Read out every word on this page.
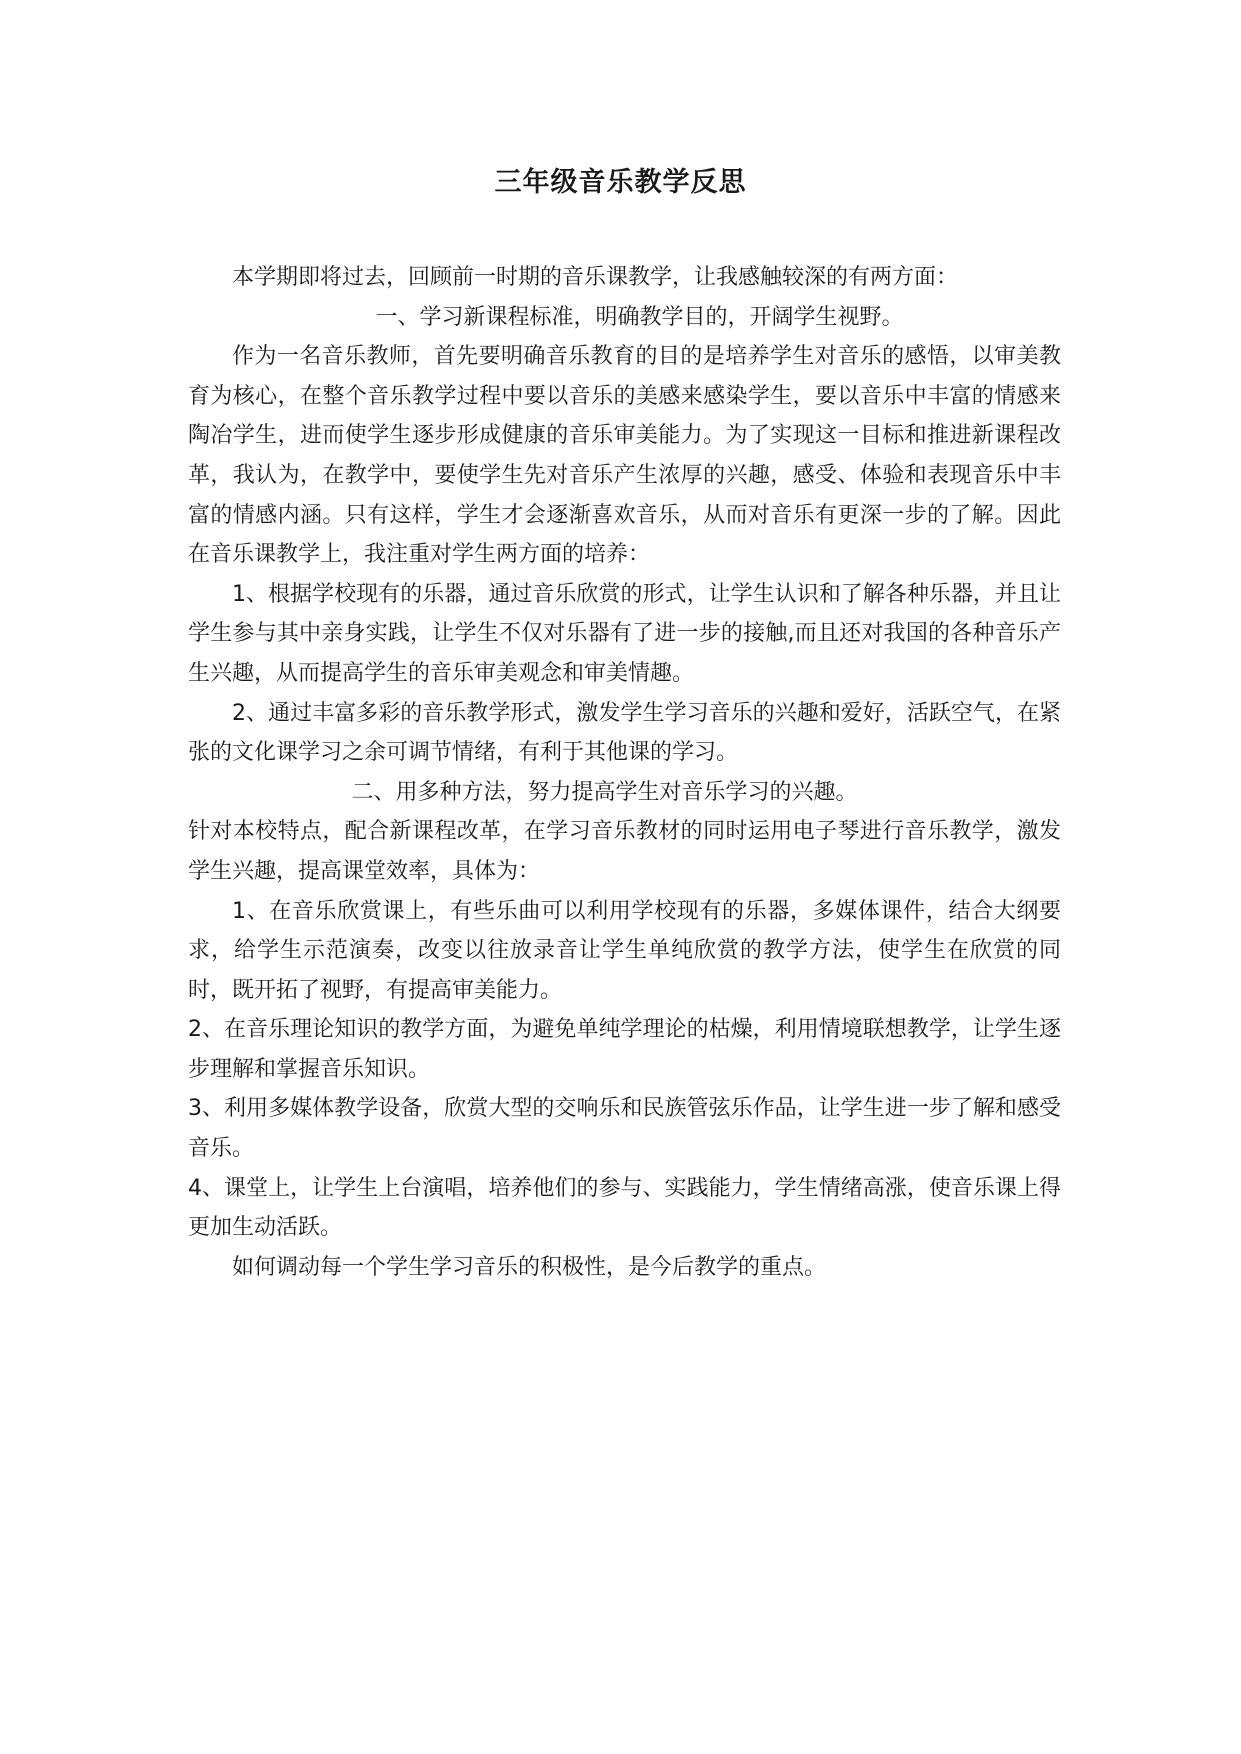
三年级音乐教学反思

本学期即将过去，回顾前一时期的音乐课教学，让我感触较深的有两方面：

一、学习新课程标准，明确教学目的，开阔学生视野。

作为一名音乐教师，首先要明确音乐教育的目的是培养学生对音乐的感悟，以审美教育为核心，在整个音乐教学过程中要以音乐的美感来感染学生，要以音乐中丰富的情感来陶冶学生，进而使学生逐步形成健康的音乐审美能力。为了实现这一目标和推进新课程改革，我认为，在教学中，要使学生先对音乐产生浓厚的兴趣，感受、体验和表现音乐中丰富的情感内涵。只有这样，学生才会逐渐喜欢音乐，从而对音乐有更深一步的了解。因此在音乐课教学上，我注重对学生两方面的培养：

1、根据学校现有的乐器，通过音乐欣赏的形式，让学生认识和了解各种乐器，并且让学生参与其中亲身实践，让学生不仅对乐器有了进一步的接触,而且还对我国的各种音乐产生兴趣，从而提高学生的音乐审美观念和审美情趣。

2、通过丰富多彩的音乐教学形式，激发学生学习音乐的兴趣和爱好，活跃空气，在紧张的文化课学习之余可调节情绪，有利于其他课的学习。

二、用多种方法，努力提高学生对音乐学习的兴趣。

针对本校特点，配合新课程改革，在学习音乐教材的同时运用电子琴进行音乐教学，激发学生兴趣，提高课堂效率，具体为：

1、在音乐欣赏课上，有些乐曲可以利用学校现有的乐器，多媒体课件，结合大纲要求，给学生示范演奏，改变以往放录音让学生单纯欣赏的教学方法，使学生在欣赏的同时，既开拓了视野，有提高审美能力。

2、在音乐理论知识的教学方面，为避免单纯学理论的枯燥，利用情境联想教学，让学生逐步理解和掌握音乐知识。

3、利用多媒体教学设备，欣赏大型的交响乐和民族管弦乐作品，让学生进一步了解和感受音乐。

4、课堂上，让学生上台演唱，培养他们的参与、实践能力，学生情绪高涨，使音乐课上得更加生动活跃。

如何调动每一个学生学习音乐的积极性，是今后教学的重点。
